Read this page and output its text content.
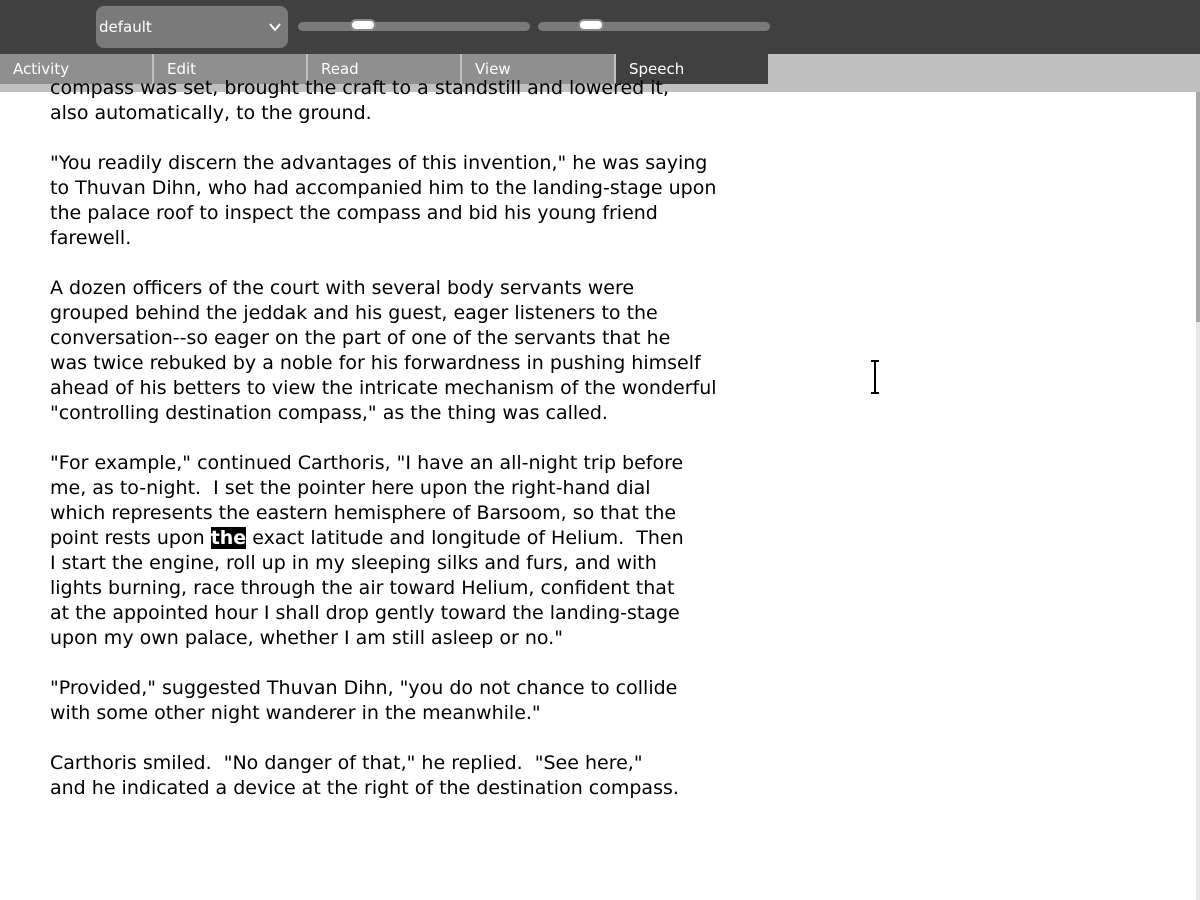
default
Activity	Edit	Read	View	Speech
compass was set, brought the craft to a standstill and lowered it,
also automatically, to the ground.

"You readily discern the advantages of this invention," he was saying
to Thuvan Dihn, who had accompanied him to the landing-stage upon
the palace roof to inspect the compass and bid his young friend
farewell.

A dozen officers of the court with several body servants were
grouped behind the jeddak and his guest, eager listeners to the
conversation--so eager on the part of one of the servants that he
was twice rebuked by a noble for his forwardness in pushing himself
ahead of his betters to view the intricate mechanism of the wonderful
"controlling destination compass," as the thing was called.

"For example," continued Carthoris, "I have an all-night trip before
me, as to-night.  I set the pointer here upon the right-hand dial
which represents the eastern hemisphere of Barsoom, so that the
point rests upon the exact latitude and longitude of Helium.  Then
I start the engine, roll up in my sleeping silks and furs, and with
lights burning, race through the air toward Helium, confident that
at the appointed hour I shall drop gently toward the landing-stage
upon my own palace, whether I am still asleep or no."

"Provided," suggested Thuvan Dihn, "you do not chance to collide
with some other night wanderer in the meanwhile."

Carthoris smiled.  "No danger of that," he replied.  "See here,"
and he indicated a device at the right of the destination compass.
